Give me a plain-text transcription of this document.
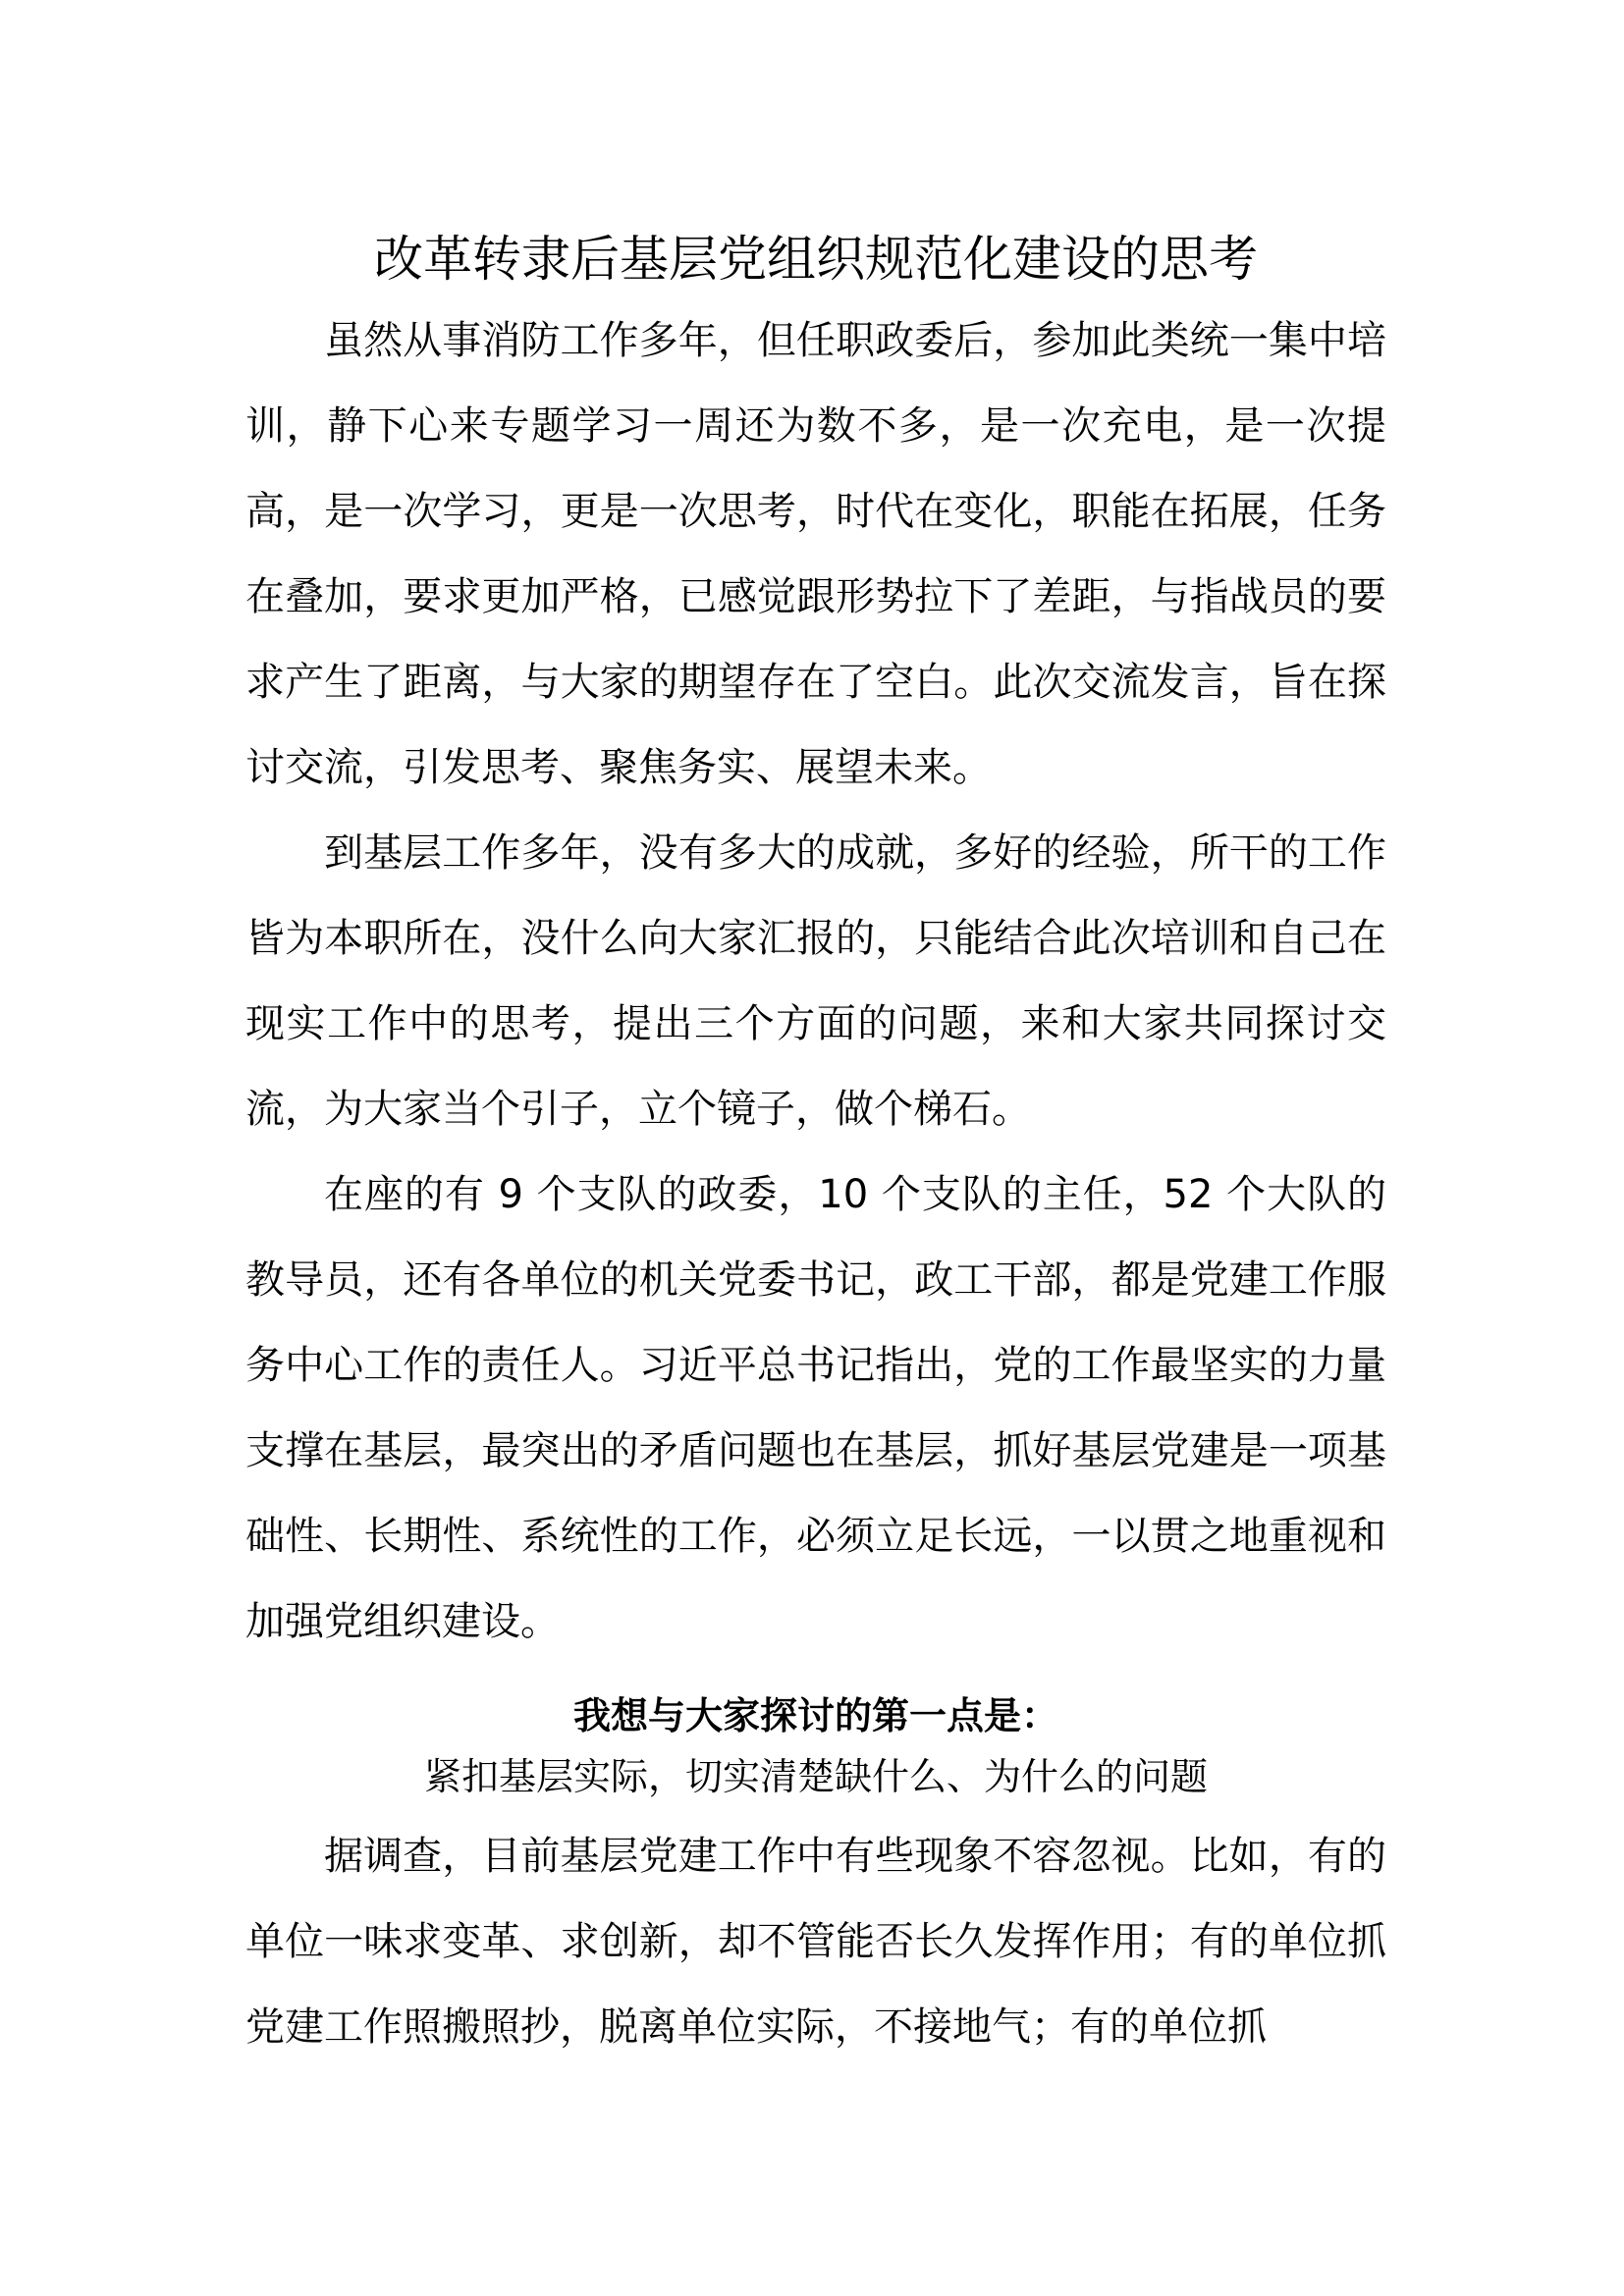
改革转隶后基层党组织规范化建设的思考

虽然从事消防工作多年，但任职政委后，参加此类统一集中培训，静下心来专题学习一周还为数不多，是一次充电，是一次提高，是一次学习，更是一次思考，时代在变化，职能在拓展，任务在叠加，要求更加严格，已感觉跟形势拉下了差距，与指战员的要求产生了距离，与大家的期望存在了空白。此次交流发言，旨在探讨交流，引发思考、聚焦务实、展望未来。

到基层工作多年，没有多大的成就，多好的经验，所干的工作皆为本职所在，没什么向大家汇报的，只能结合此次培训和自己在现实工作中的思考，提出三个方面的问题，来和大家共同探讨交流，为大家当个引子，立个镜子，做个梯石。

在座的有 9 个支队的政委，10 个支队的主任，52 个大队的教导员，还有各单位的机关党委书记，政工干部，都是党建工作服务中心工作的责任人。习近平总书记指出，党的工作最坚实的力量支撑在基层，最突出的矛盾问题也在基层，抓好基层党建是一项基础性、长期性、系统性的工作，必须立足长远，一以贯之地重视和加强党组织建设。

我想与大家探讨的第一点是：
紧扣基层实际，切实清楚缺什么、为什么的问题

据调查，目前基层党建工作中有些现象不容忽视。比如，有的单位一味求变革、求创新，却不管能否长久发挥作用；有的单位抓党建工作照搬照抄，脱离单位实际，不接地气；有的单位抓
